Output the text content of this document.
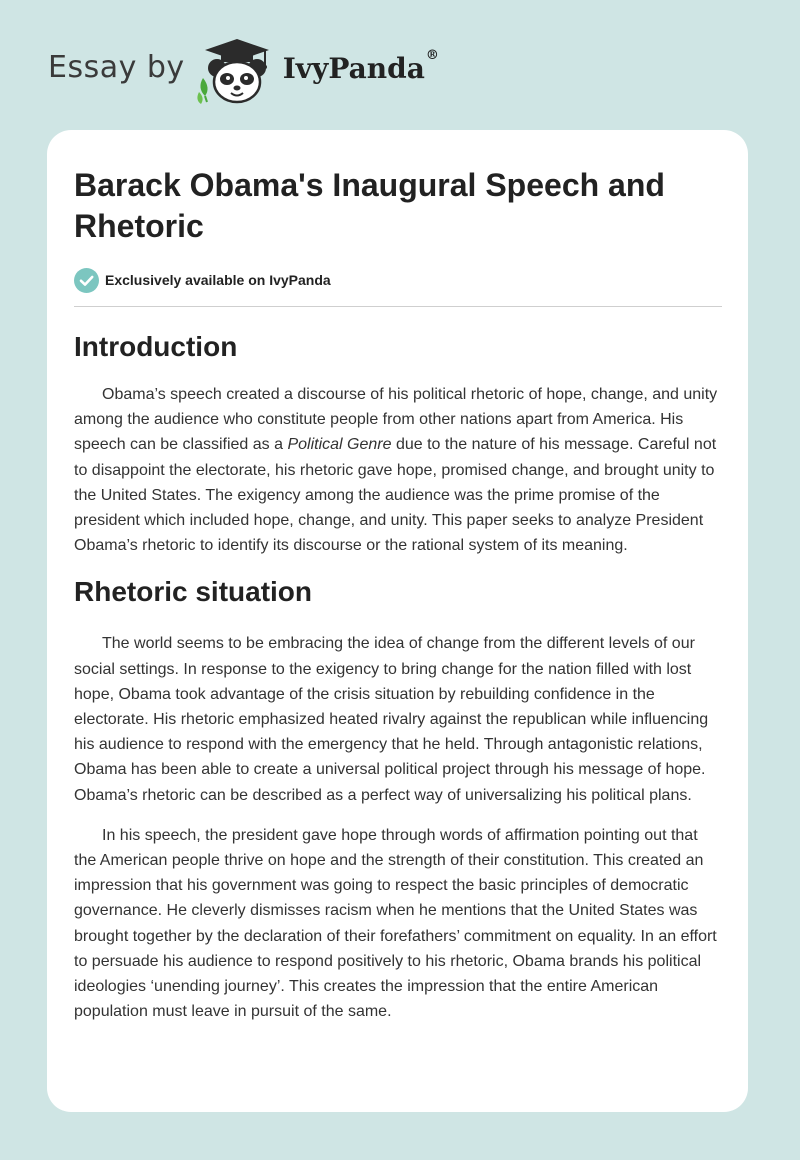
Essay by	IvyPanda®
Barack Obama's Inaugural Speech and Rhetoric
Exclusively available on IvyPanda
Introduction

Obama’s speech created a discourse of his political rhetoric of hope, change, and unity among the audience who constitute people from other nations apart from America. His speech can be classified as a Political Genre due to the nature of his message. Careful not to disappoint the electorate, his rhetoric gave hope, promised change, and brought unity to the United States. The exigency among the audience was the prime promise of the president which included hope, change, and unity. This paper seeks to analyze President Obama’s rhetoric to identify its discourse or the rational system of its meaning.

Rhetoric situation

The world seems to be embracing the idea of change from the different levels of our social settings. In response to the exigency to bring change for the nation filled with lost hope, Obama took advantage of the crisis situation by rebuilding confidence in the electorate. His rhetoric emphasized heated rivalry against the republican while influencing his audience to respond with the emergency that he held. Through antagonistic relations, Obama has been able to create a universal political project through his message of hope. Obama’s rhetoric can be described as a perfect way of universalizing his political plans.

In his speech, the president gave hope through words of affirmation pointing out that the American people thrive on hope and the strength of their constitution. This created an impression that his government was going to respect the basic principles of democratic governance. He cleverly dismisses racism when he mentions that the United States was brought together by the declaration of their forefathers’ commitment on equality. In an effort to persuade his audience to respond positively to his rhetoric, Obama brands his political ideologies ‘unending journey’. This creates the impression that the entire American population must leave in pursuit of the same.
